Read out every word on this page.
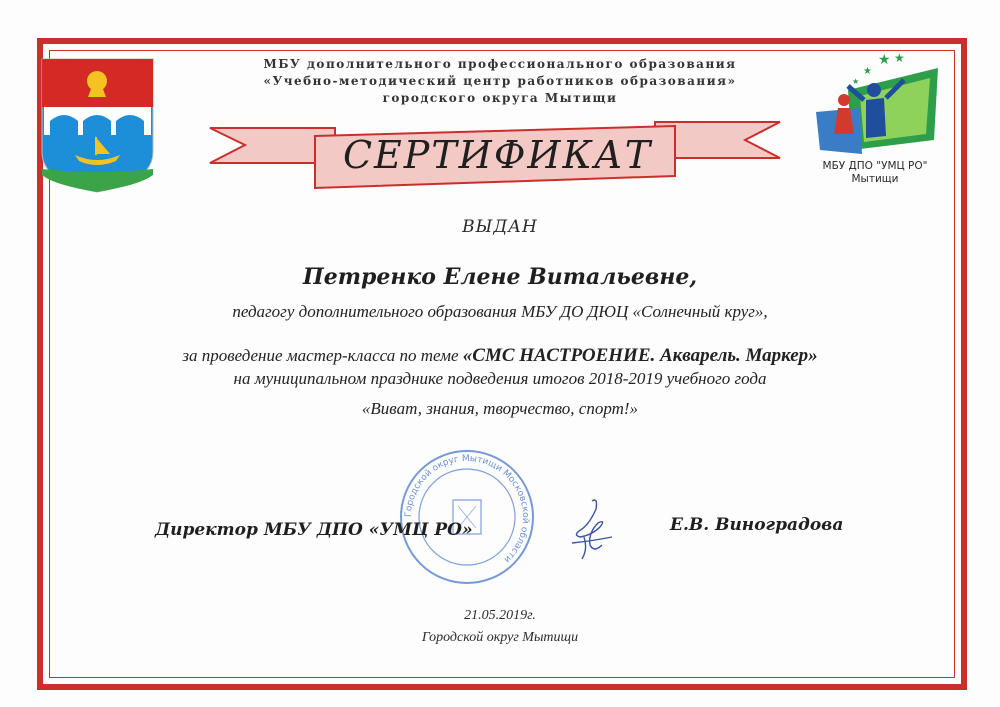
МБУ дополнительного профессионального образования
«Учебно-методический центр работников образования»
городского округа Мытищи
СЕРТИФИКАТ
★ ★
★
★
МБУ ДПО "УМЦ РО"
Мытищи
ВЫДАН
Петренко Елене Витальевне,
педагогу дополнительного образования МБУ ДО ДЮЦ «Солнечный круг»,
за проведение мастер-класса по теме «СМС НАСТРОЕНИЕ. Акварель. Маркер»
на муниципальном празднике подведения итогов 2018-2019 учебного года
«Виват, знания, творчество, спорт!»
Городской округ Мытищи Московской области
Директор МБУ ДПО «УМЦ РО»	Е.В. Виноградова
21.05.2019г.
Городской округ Мытищи
